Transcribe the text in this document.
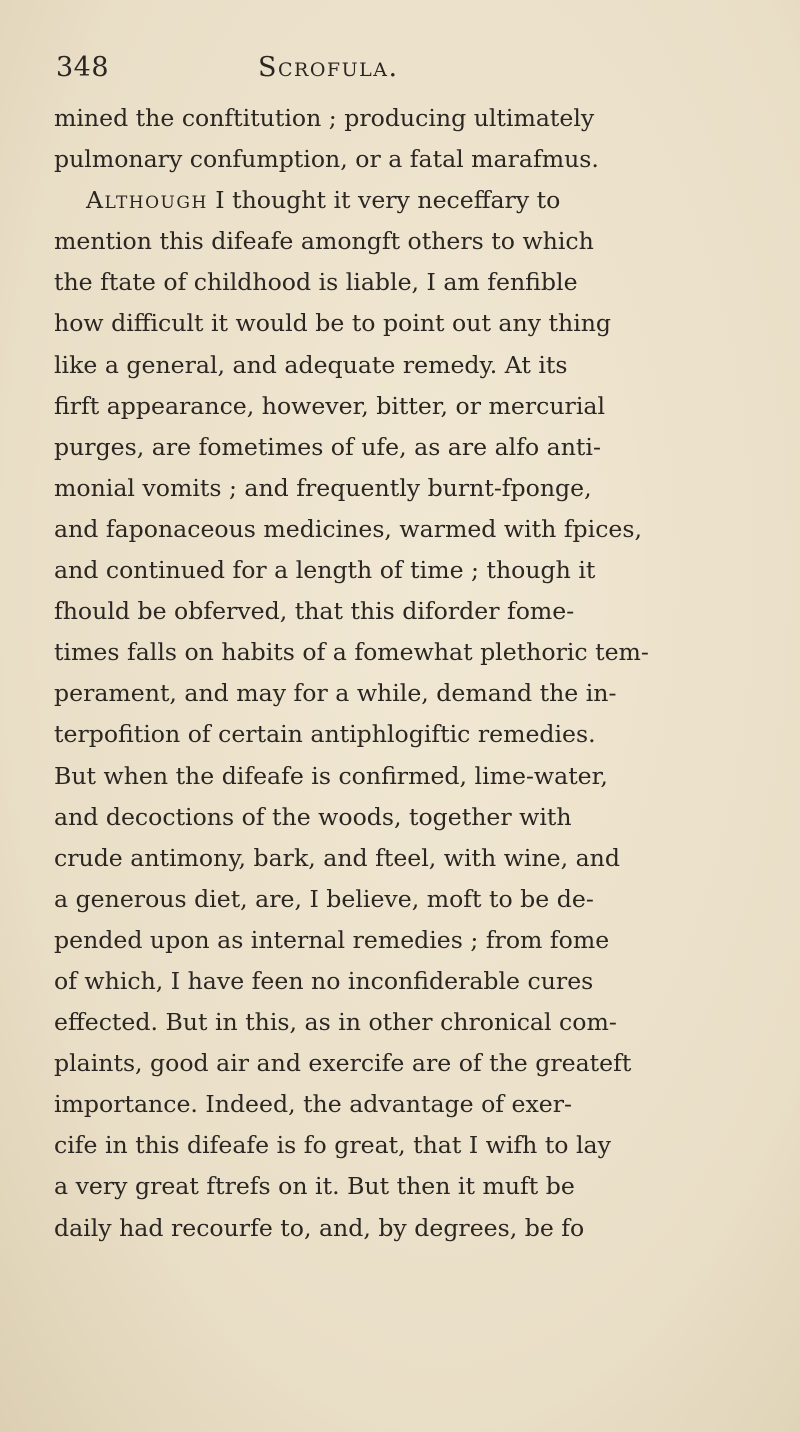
348	Scrofula.

mined the conftitution ; producing ultimately
pulmonary confumption, or a fatal marafmus.
Although I thought it very neceffary to
mention this difeafe amongft others to which
the ftate of childhood is liable, I am fenfible
how difficult it would be to point out any thing
like a general, and adequate remedy. At its
firft appearance, however, bitter, or mercurial
purges, are fometimes of ufe, as are alfo anti-
monial vomits ; and frequently burnt-fponge,
and faponaceous medicines, warmed with fpices,
and continued for a length of time ; though it
fhould be obferved, that this diforder fome-
times falls on habits of a fomewhat plethoric tem-
perament, and may for a while, demand the in-
terpofition of certain antiphlogiftic remedies.
But when the difeafe is confirmed, lime-water,
and decoctions of the woods, together with
crude antimony, bark, and fteel, with wine, and
a generous diet, are, I believe, moft to be de-
pended upon as internal remedies ; from fome
of which, I have feen no inconfiderable cures
effected. But in this, as in other chronical com-
plaints, good air and exercife are of the greateft
importance. Indeed, the advantage of exer-
cife in this difeafe is fo great, that I wifh to lay
a very great ftrefs on it. But then it muft be
daily had recourfe to, and, by degrees, be fo
